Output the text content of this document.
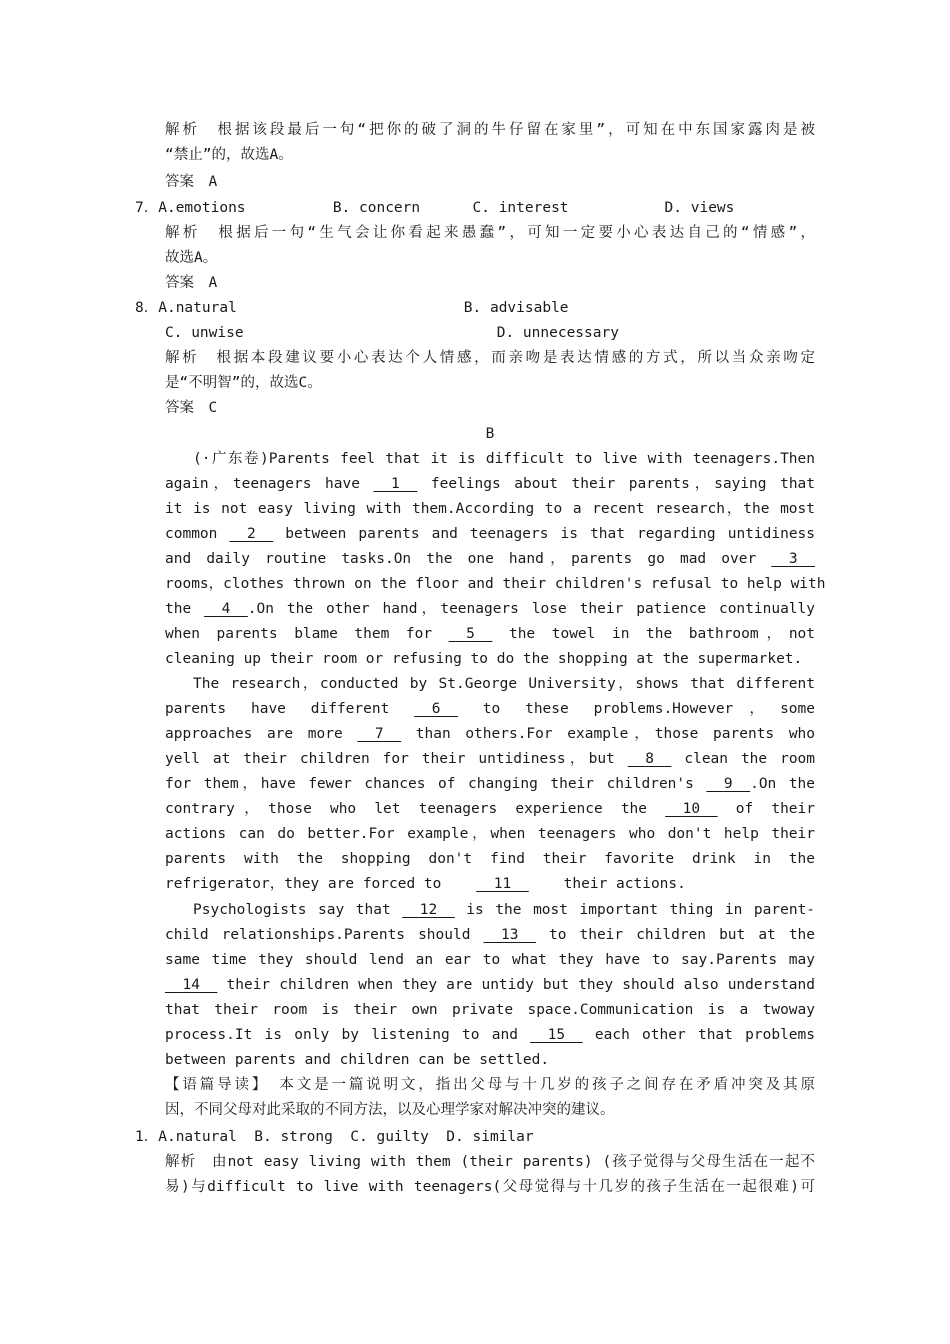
解析　根据该段最后一句“把你的破了洞的牛仔留在家里”，可知在中东国家露肉是被
“禁止”的，故选A。
答案　A
7．A.emotions          B. concern      C. interest           D. views
解析　根据后一句“生气会让你看起来愚蠢”，可知一定要小心表达自己的“情感”，
故选A。
答案　A
8．A.natural                          B. advisable
C. unwise                             D. unnecessary
解析　根据本段建议要小心表达个人情感，而亲吻是表达情感的方式，所以当众亲吻定
是“不明智”的，故选C。
答案　C
B
(·广东卷)Parents feel that it is difficult to live with teenagers.Then
again，teenagers have __1__ feelings about their parents，saying that
it is not easy living with them.According to a recent research，the most
common __2__ between parents and teenagers is that regarding untidiness
and daily routine tasks.On the one hand，parents go mad over __3__
rooms，clothes thrown on the floor and their children's refusal to help with
the __4__.On the other hand，teenagers lose their patience continually
when parents blame them for __5__ the towel in the bathroom，not
cleaning up their room or refusing to do the shopping at the supermarket.
The research，conducted by St.George University，shows that different
parents have different __6__ to these problems.However，some
approaches are more __7__ than others.For example，those parents who
yell at their children for their untidiness，but __8__ clean the room
for them，have fewer chances of changing their children's __9__.On the
contrary，those who let teenagers experience the __10__ of their
actions can do better.For example，when teenagers who don't help their
parents with the shopping don't find their favorite drink in the
refrigerator，they are forced to __11__ their actions.
Psychologists say that __12__ is the most important thing in parent-
child relationships.Parents should __13__ to their children but at the
same time they should lend an ear to what they have to say.Parents may
__14__ their children when they are untidy but they should also understand
that their room is their own private space.Communication is a twoway
process.It is only by listening to and __15__ each other that problems
between parents and children can be settled.
【语篇导读】　本文是一篇说明文，指出父母与十几岁的孩子之间存在矛盾冲突及其原
因，不同父母对此采取的不同方法，以及心理学家对解决冲突的建议。
1．A.natural  B. strong  C. guilty  D. similar
解析　由not easy living with them (their parents) (孩子觉得与父母生活在一起不
易)与difficult to live with teenagers(父母觉得与十几岁的孩子生活在一起很难)可
